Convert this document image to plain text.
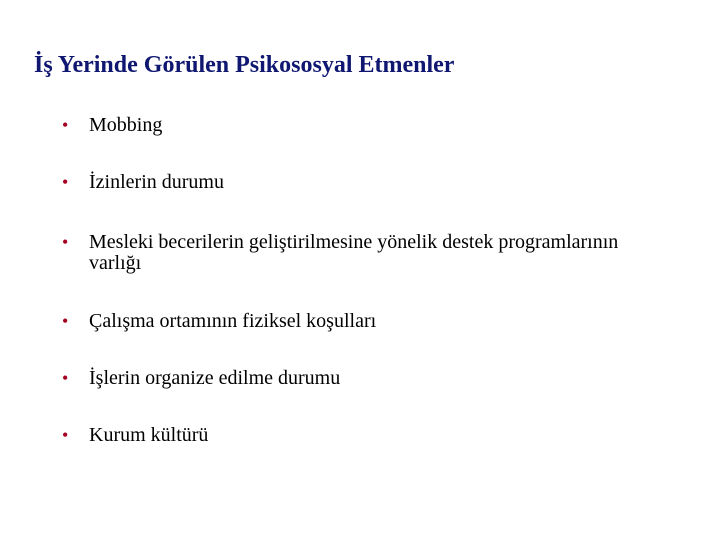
İş Yerinde Görülen Psikososyal Etmenler
•	Mobbing
•	İzinlerin durumu
•	Mesleki becerilerin geliştirilmesine yönelik destek programlarının varlığı
•	Çalışma ortamının fiziksel koşulları
•	İşlerin organize edilme durumu
•	Kurum kültürü
